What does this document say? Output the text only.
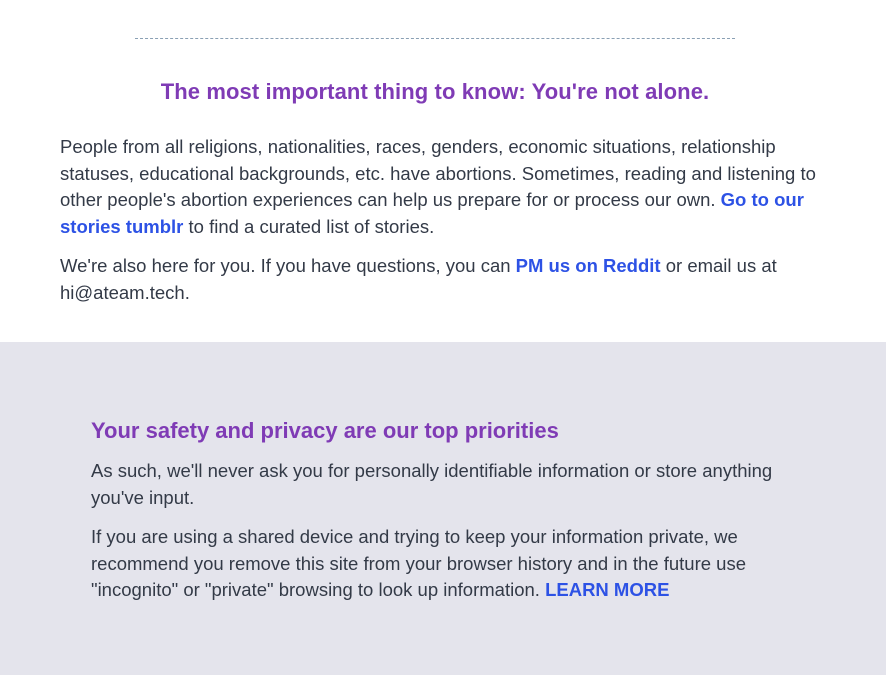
The most important thing to know: You're not alone.

People from all religions, nationalities, races, genders, economic situations, relationship statuses, educational backgrounds, etc. have abortions. Sometimes, reading and listening to other people's abortion experiences can help us prepare for or process our own. Go to our stories tumblr to find a curated list of stories.

We're also here for you. If you have questions, you can PM us on Reddit or email us at hi@ateam.tech.

Your safety and privacy are our top priorities

As such, we'll never ask you for personally identifiable information or store anything you've input.

If you are using a shared device and trying to keep your information private, we recommend you remove this site from your browser history and in the future use "incognito" or "private" browsing to look up information. LEARN MORE
